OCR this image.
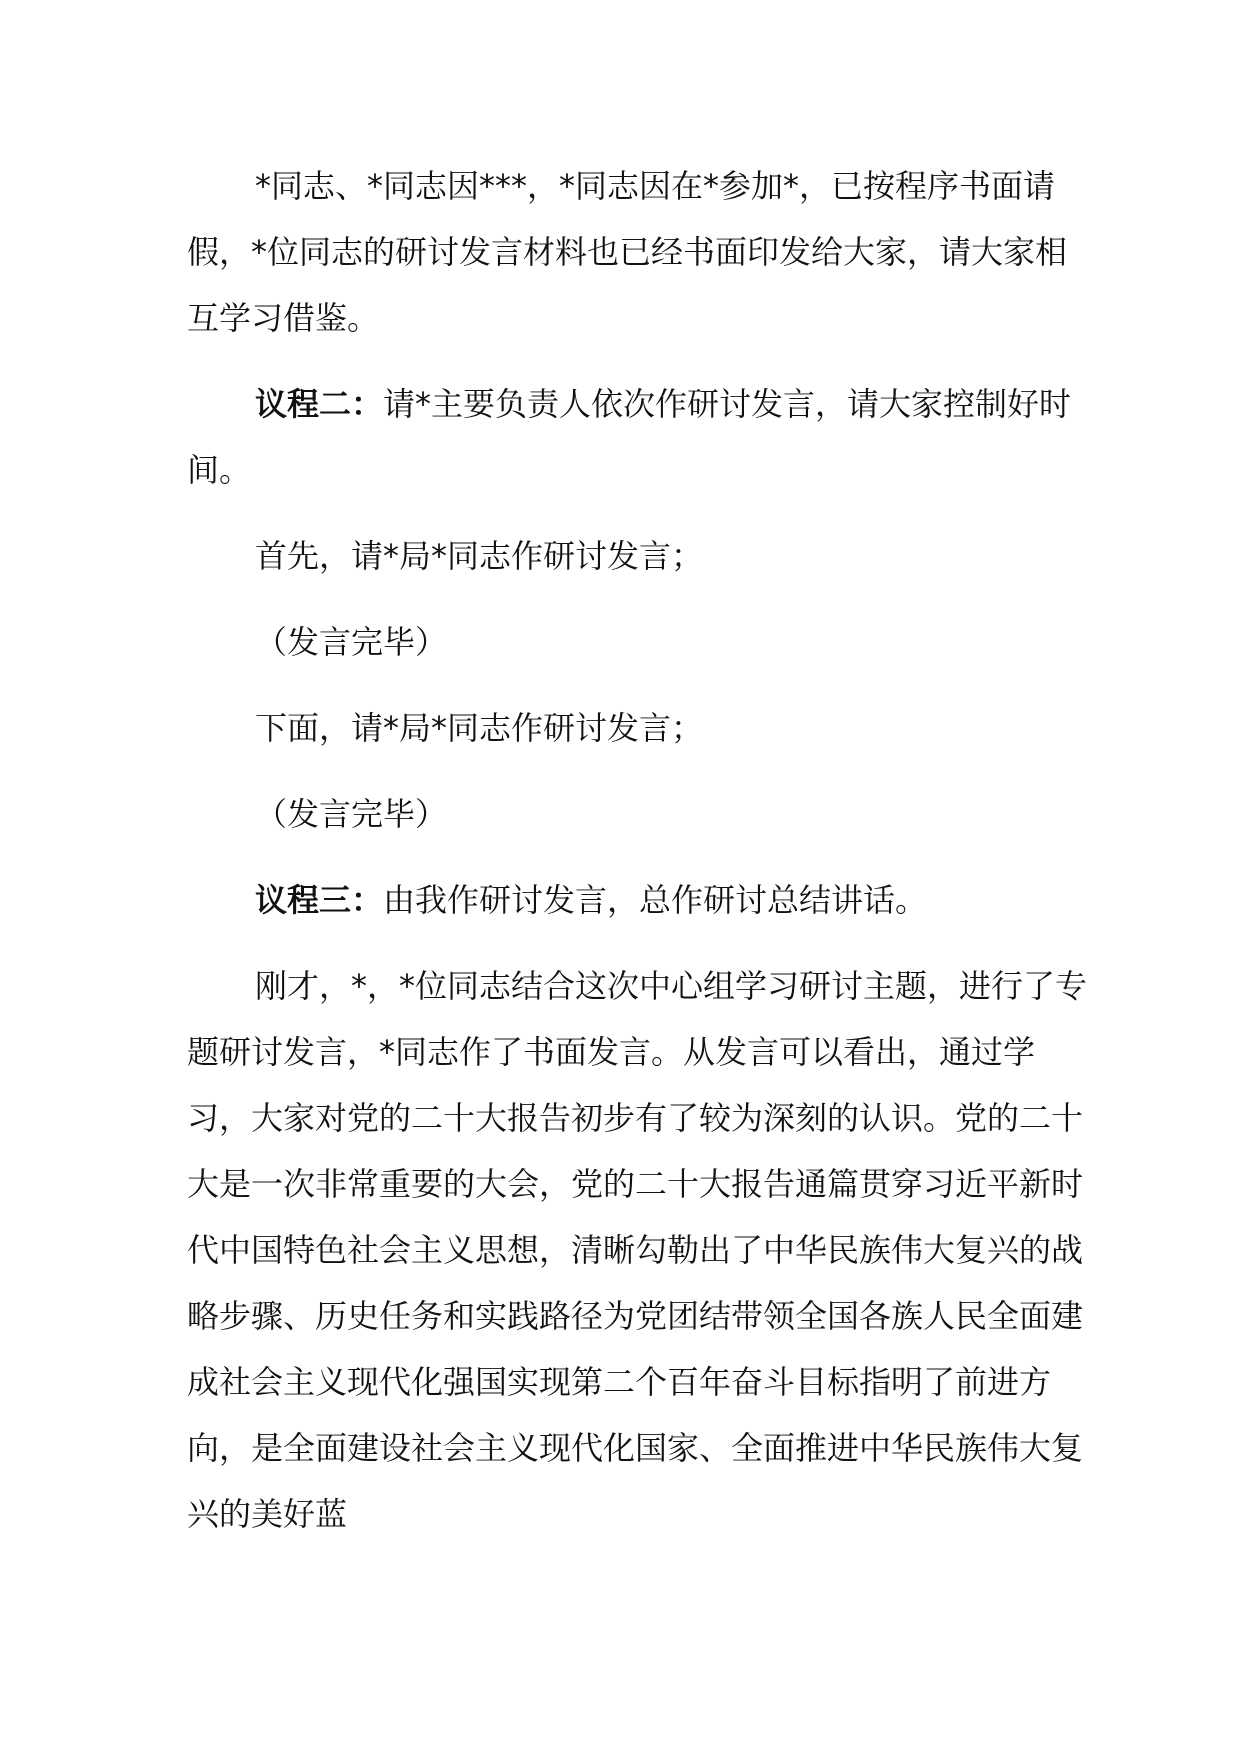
*同志、*同志因***，*同志因在*参加*，已按程序书面请假，*位同志的研讨发言材料也已经书面印发给大家，请大家相互学习借鉴。

议程二：请*主要负责人依次作研讨发言，请大家控制好时间。

首先，请*局*同志作研讨发言；

（发言完毕）

下面，请*局*同志作研讨发言；

（发言完毕）

议程三：由我作研讨发言，总作研讨总结讲话。

刚才，*，*位同志结合这次中心组学习研讨主题，进行了专题研讨发言，*同志作了书面发言。从发言可以看出，通过学习，大家对党的二十大报告初步有了较为深刻的认识。党的二十大是一次非常重要的大会，党的二十大报告通篇贯穿习近平新时代中国特色社会主义思想，清晰勾勒出了中华民族伟大复兴的战略步骤、历史任务和实践路径为党团结带领全国各族人民全面建成社会主义现代化强国实现第二个百年奋斗目标指明了前进方向，是全面建设社会主义现代化国家、全面推进中华民族伟大复兴的美好蓝
